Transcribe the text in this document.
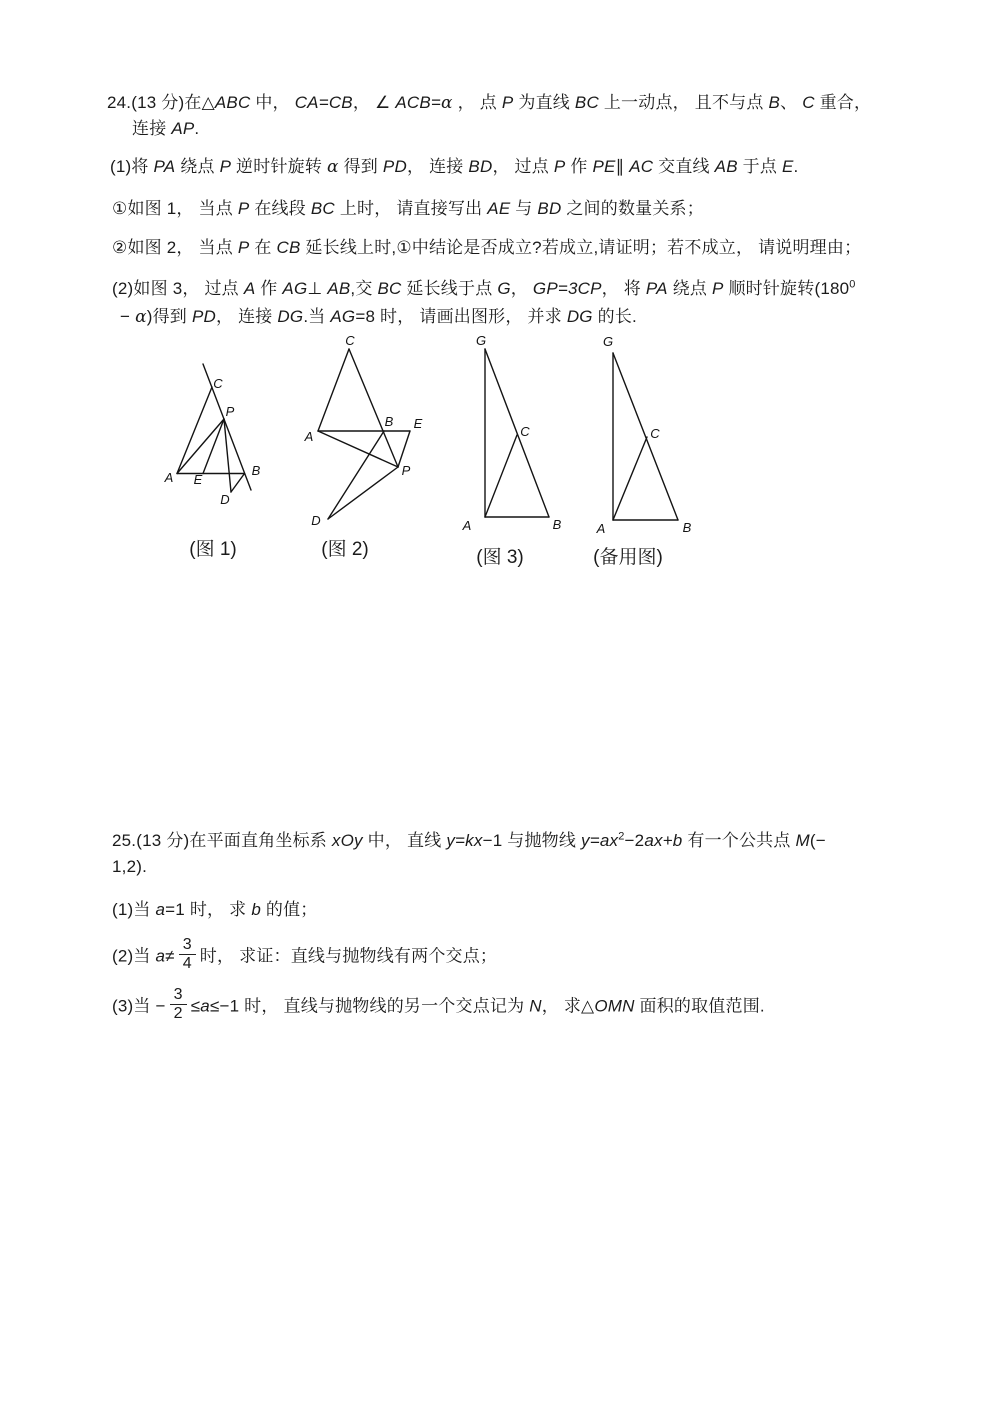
24.(13 分)在△ABC 中， CA=CB， ∠ ACB=α ， 点 P 为直线 BC 上一动点， 且不与点 B、 C 重合，
连接 AP.
(1)将 PA 绕点 P 逆时针旋转 α 得到 PD， 连接 BD， 过点 P 作 PE∥ AC 交直线 AB 于点 E.
①如图 1， 当点 P 在线段 BC 上时， 请直接写出 AE 与 BD 之间的数量关系；
②如图 2， 当点 P 在 CB 延长线上时,①中结论是否成立?若成立,请证明；若不成立， 请说明理由；
(2)如图 3， 过点 A 作 AG⊥ AB,交 BC 延长线于点 G， GP=3CP， 将 PA 绕点 P 顺时针旋转($180^0$
− α)得到 PD， 连接 DG.当 AG=8 时， 请画出图形， 并求 DG 的长.
C
P
A E
B
D
C
A
B E
P
D
G
C
A	B
G
C
A	B
(图 1)	(图 2)	(图 3)	(备用图)
25.(13 分)在平面直角坐标系 xOy 中， 直线 y=kx−1 与抛物线 $y=ax^2-2ax+b$ 有一个公共点 M(−
1,2).
(1)当 a=1 时， 求 b 的值；
(2)当 $a\ne \frac{3}{4}$ 时， 求证：直线与抛物线有两个交点；
(3)当 − $\frac{3}{2} \le a\le-1$ 时， 直线与抛物线的另一个交点记为 N， 求△OMN 面积的取值范围.
